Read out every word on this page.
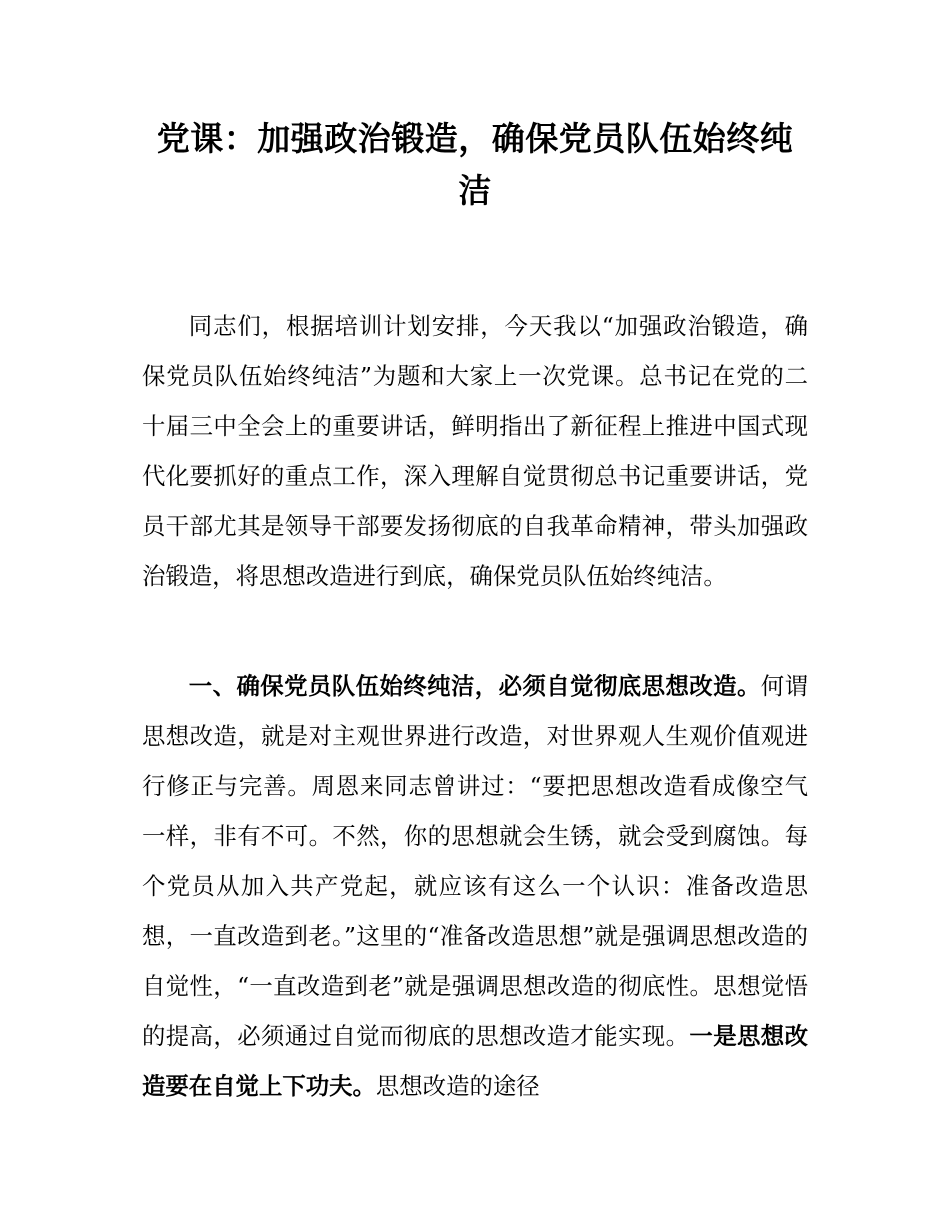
党课：加强政治锻造，确保党员队伍始终纯洁

同志们，根据培训计划安排，今天我以“加强政治锻造，确保党员队伍始终纯洁”为题和大家上一次党课。总书记在党的二十届三中全会上的重要讲话，鲜明指出了新征程上推进中国式现代化要抓好的重点工作，深入理解自觉贯彻总书记重要讲话，党员干部尤其是领导干部要发扬彻底的自我革命精神，带头加强政治锻造，将思想改造进行到底，确保党员队伍始终纯洁。

一、确保党员队伍始终纯洁，必须自觉彻底思想改造。何谓思想改造，就是对主观世界进行改造，对世界观人生观价值观进行修正与完善。周恩来同志曾讲过：“要把思想改造看成像空气一样，非有不可。不然，你的思想就会生锈，就会受到腐蚀。每个党员从加入共产党起，就应该有这么一个认识：准备改造思想，一直改造到老。”这里的“准备改造思想”就是强调思想改造的自觉性，“一直改造到老”就是强调思想改造的彻底性。思想觉悟的提高，必须通过自觉而彻底的思想改造才能实现。一是思想改造要在自觉上下功夫。思想改造的途径
